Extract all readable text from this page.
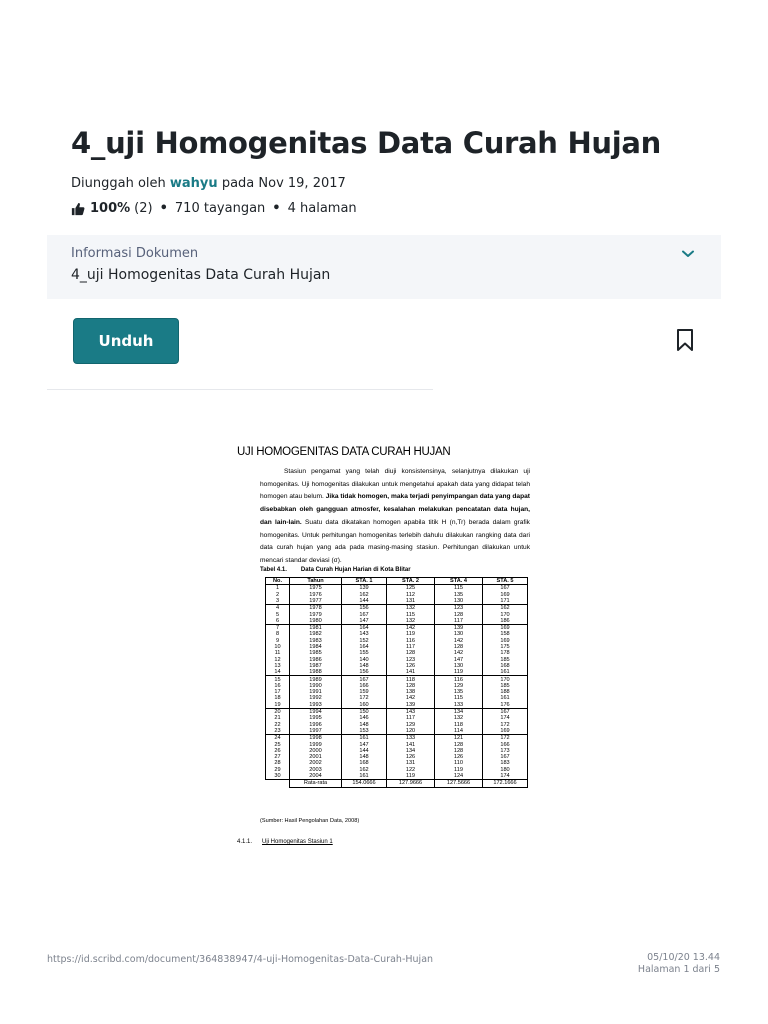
4_uji Homogenitas Data Curah Hujan
Diunggah oleh wahyu pada Nov 19, 2017
100% (2) • 710 tayangan • 4 halaman
Informasi Dokumen
4_uji Homogenitas Data Curah Hujan
Unduh
UJI HOMOGENITAS DATA CURAH HUJAN
Stasiun pengamat yang telah diuji konsistensinya, selanjutnya dilakukan uji homogenitas. Uji homogenitas dilakukan untuk mengetahui apakah data yang didapat telah homogen atau belum. Jika tidak homogen, maka terjadi penyimpangan data yang dapat disebabkan oleh gangguan atmosfer, kesalahan melakukan pencatatan data hujan, dan lain-lain. Suatu data dikatakan homogen apabila titik H (n,Tr) berada dalam grafik homogenitas. Untuk perhitungan homogenitas terlebih dahulu dilakukan rangking data dari data curah hujan yang ada pada masing-masing stasiun. Perhitungan dilakukan untuk mencari standar deviasi (σ).
Tabel 4.1. Data Curah Hujan Harian di Kota Blitar
No.	Tahun	STA. 1	STA. 2	STA. 4	STA. 5
1	1975	139	125	115	167
2	1976	162	112	135	169
3	1977	144	131	130	171
4	1978	156	132	123	162
5	1979	167	115	128	170
6	1980	147	132	117	186
7	1981	164	142	139	169
8	1982	143	119	130	158
9	1983	152	116	142	169
10	1984	164	117	128	175
11	1985	155	128	142	178
12	1986	140	123	147	185
13	1987	148	126	130	168
14	1988	156	141	119	161
15	1989	167	118	116	170
16	1990	166	128	129	185
17	1991	159	138	135	188
18	1992	172	142	115	161
19	1993	160	139	133	176
20	1994	150	143	134	167
21	1995	146	117	132	174
22	1996	148	129	118	172
23	1997	153	120	114	169
24	1998	161	133	121	172
25	1999	147	141	128	166
26	2000	144	134	128	173
27	2001	148	126	126	167
28	2002	168	131	110	183
29	2003	162	122	119	180
30	2004	161	119	124	174
	Rata-rata	154.0666	127.9666	127.5666	172.1666
(Sumber: Hasil Pengolahan Data, 2008)
4.1.1. Uji Homogenitas Stasiun 1
https://id.scribd.com/document/364838947/4-uji-Homogenitas-Data-Curah-Hujan	05/10/20 13.44
Halaman 1 dari 5
